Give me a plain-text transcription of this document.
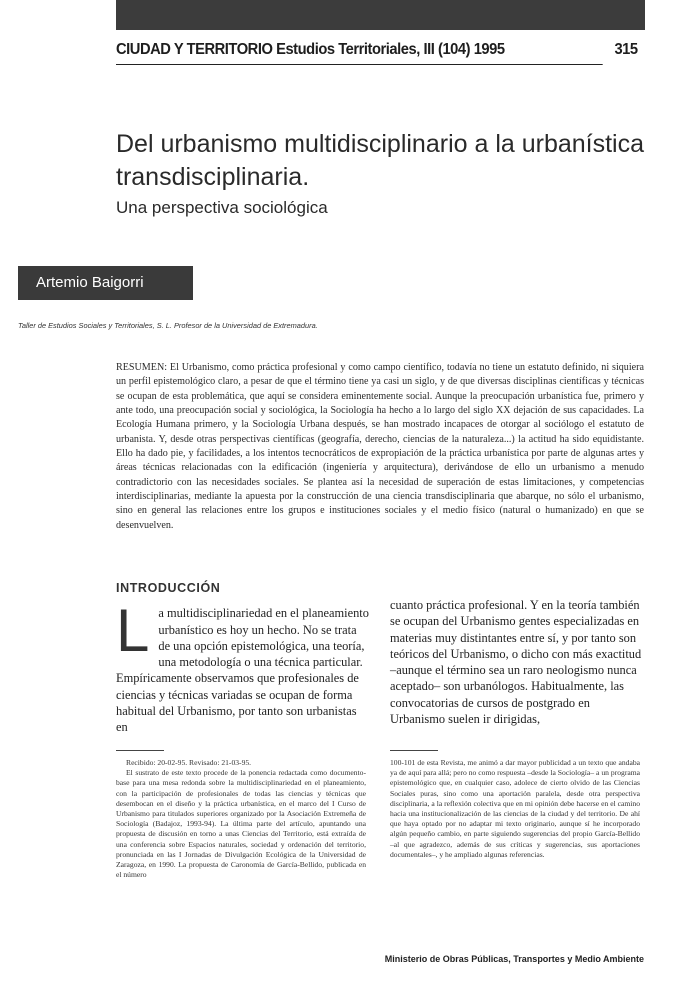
CIUDAD Y TERRITORIO Estudios Territoriales, III (104) 1995	315
Del urbanismo multidisciplinario a la urbanística transdisciplinaria.
Una perspectiva sociológica
Artemio Baigorri
Taller de Estudios Sociales y Territoriales, S. L. Profesor de la Universidad de Extremadura.
RESUMEN: El Urbanismo, como práctica profesional y como campo científico, todavía no tiene un estatuto definido, ni siquiera un perfil epistemológico claro, a pesar de que el término tiene ya casi un siglo, y de que diversas disciplinas científicas y técnicas se ocupan de esta problemática, que aquí se considera eminentemente social. Aunque la preocupación urbanística fue, primero y ante todo, una preocupación social y sociológica, la Sociología ha hecho a lo largo del siglo XX dejación de sus capacidades. La Ecología Humana primero, y la Sociología Urbana después, se han mostrado incapaces de otorgar al sociólogo el estatuto de urbanista. Y, desde otras perspectivas científicas (geografía, derecho, ciencias de la naturaleza...) la actitud ha sido equidistante. Ello ha dado pie, y facilidades, a los intentos tecnocráticos de expropiación de la práctica urbanística por parte de algunas artes y áreas técnicas relacionadas con la edificación (ingeniería y arquitectura), derivándose de ello un urbanismo a menudo contradictorio con las necesidades sociales. Se plantea así la necesidad de superación de estas limitaciones, y competencias interdisciplinarias, mediante la apuesta por la construcción de una ciencia transdisciplinaria que abarque, no sólo el urbanismo, sino en general las relaciones entre los grupos e instituciones sociales y el medio físico (natural o humanizado) en que se desenvuelven.
INTRODUCCIÓN
L a multidisciplinariedad en el planeamiento urbanístico es hoy un hecho. No se trata de una opción epistemológica, una teoría, una metodología o una técnica particular. Empíricamente observamos que profesionales de ciencias y técnicas variadas se ocupan de forma habitual del Urbanismo, por tanto son urbanistas en

cuanto práctica profesional. Y en la teoría también se ocupan del Urbanismo gentes especializadas en materias muy distintantes entre sí, y por tanto son teóricos del Urbanismo, o dicho con más exactitud –aunque el término sea un raro neologismo nunca aceptado– son urbanólogos. Habitualmente, las convocatorias de cursos de postgrado en Urbanismo suelen ir dirigidas,

Recibido: 20-02-95. Revisado: 21-03-95.

El sustrato de este texto procede de la ponencia redactada como documento-base para una mesa redonda sobre la multidisciplinariedad en el planeamiento, con la participación de profesionales de todas las ciencias y técnicas que desembocan en el diseño y la práctica urbanística, en el marco del I Curso de Urbanismo para titulados superiores organizado por la Asociación Extremeña de Sociología (Badajoz, 1993-94). La última parte del artículo, apuntando una propuesta de discusión en torno a unas Ciencias del Territorio, está extraída de una conferencia sobre Espacios naturales, sociedad y ordenación del territorio, pronunciada en las I Jornadas de Divulgación Ecológica de la Universidad de Zaragoza, en 1990. La propuesta de Caronomía de García-Bellido, publicada en el número

100-101 de esta Revista, me animó a dar mayor publicidad a un texto que andaba ya de aquí para allá; pero no como respuesta –desde la Sociología– a un programa epistemológico que, en cualquier caso, adolece de cierto olvido de las Ciencias Sociales puras, sino como una aportación paralela, desde otra perspectiva disciplinaria, a la reflexión colectiva que en mi opinión debe hacerse en el camino hacia una institucionalización de las ciencias de la ciudad y del territorio. De ahí que haya optado por no adaptar mi texto originario, aunque sí he incorporado algún pequeño cambio, en parte siguiendo sugerencias del propio García-Bellido –al que agradezco, además de sus críticas y sugerencias, sus aportaciones documentales–, y he ampliado algunas referencias.

Ministerio de Obras Públicas, Transportes y Medio Ambiente
